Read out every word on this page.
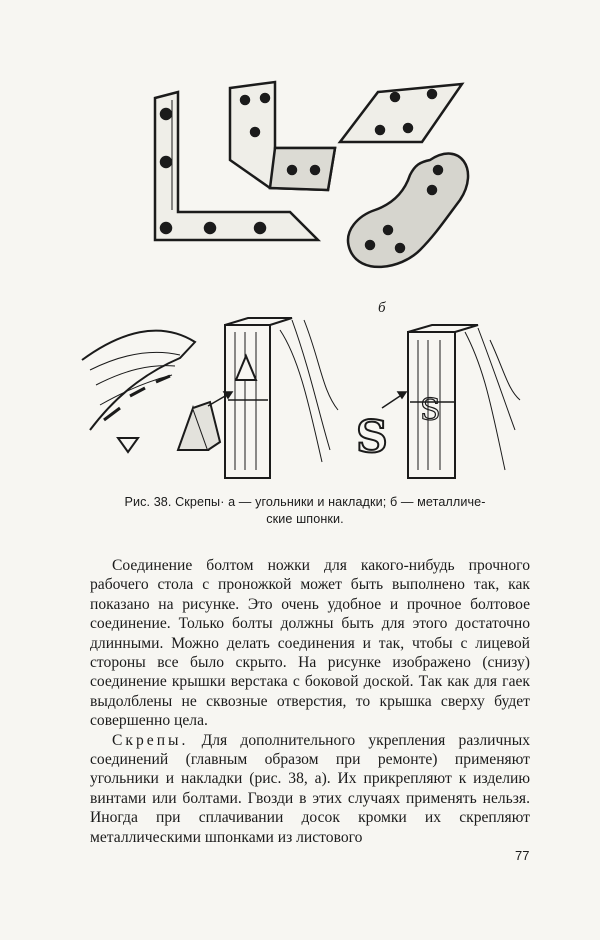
S
S
б
Рис. 38. Скрепы· а — угольники и накладки; б — металличе-
ские шпонки.

Соединение болтом ножки для какого-нибудь прочного рабочего стола с проножкой может быть выполнено так, как показано на рисунке. Это очень удобное и прочное болтовое соединение. Только болты должны быть для этого достаточно длинными. Можно делать соединения и так, чтобы с лицевой стороны все было скрыто. На рисунке изображено (снизу) соединение крышки верстака с боковой доской. Так как для гаек выдолблены не сквозные отверстия, то крышка сверху будет совершенно цела.

Скрепы. Для дополнительного укрепления различных соединений (главным образом при ремонте) применяют угольники и накладки (рис. 38, а). Их прикрепляют к изделию винтами или болтами. Гвозди в этих случаях применять нельзя. Иногда при сплачивании досок кромки их скрепляют металлическими шпонками из листового

77
